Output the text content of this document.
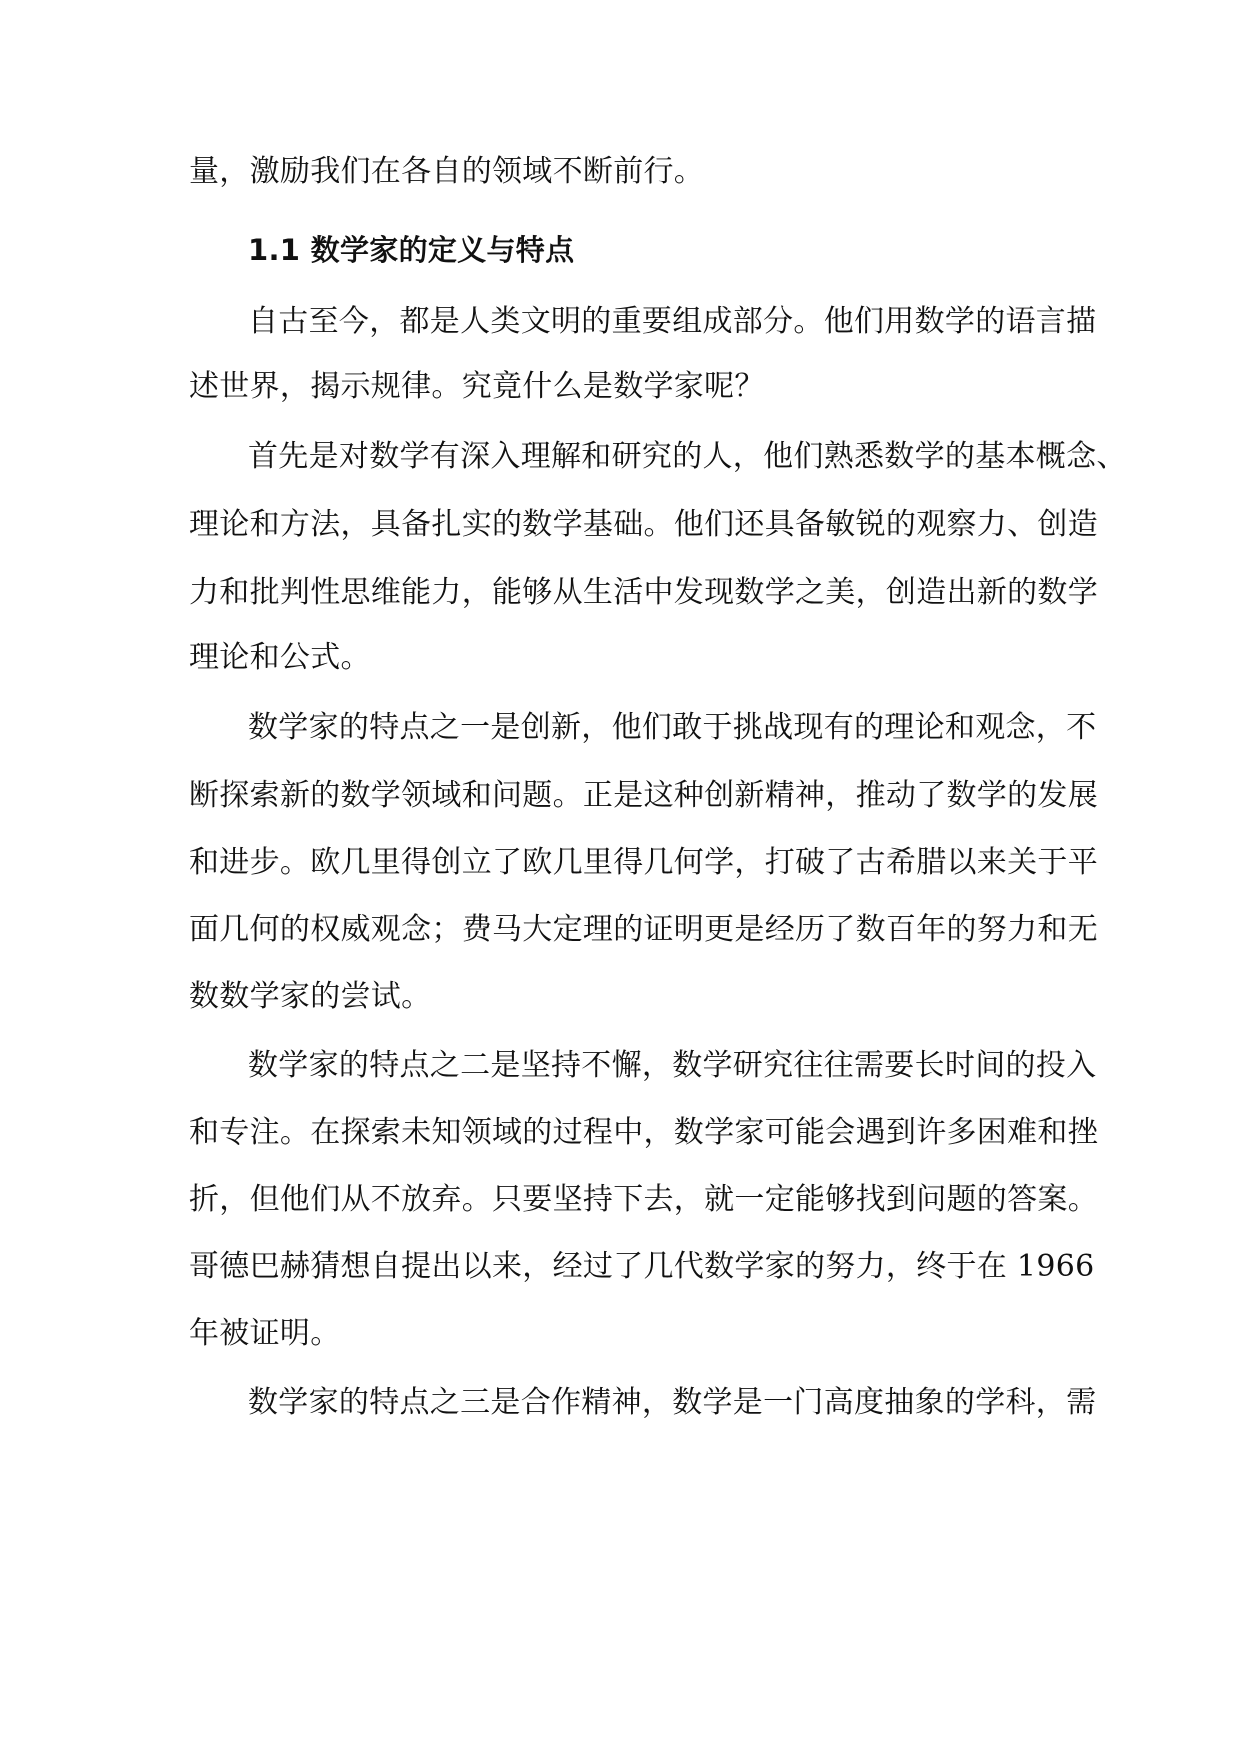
量，激励我们在各自的领域不断前行。
1.1 数学家的定义与特点
自古至今，都是人类文明的重要组成部分。他们用数学的语言描
述世界，揭示规律。究竟什么是数学家呢？
首先是对数学有深入理解和研究的人，他们熟悉数学的基本概念、
理论和方法，具备扎实的数学基础。他们还具备敏锐的观察力、创造
力和批判性思维能力，能够从生活中发现数学之美，创造出新的数学
理论和公式。
数学家的特点之一是创新，他们敢于挑战现有的理论和观念，不
断探索新的数学领域和问题。正是这种创新精神，推动了数学的发展
和进步。欧几里得创立了欧几里得几何学，打破了古希腊以来关于平
面几何的权威观念；费马大定理的证明更是经历了数百年的努力和无
数数学家的尝试。
数学家的特点之二是坚持不懈，数学研究往往需要长时间的投入
和专注。在探索未知领域的过程中，数学家可能会遇到许多困难和挫
折，但他们从不放弃。只要坚持下去，就一定能够找到问题的答案。
哥德巴赫猜想自提出以来，经过了几代数学家的努力，终于在 1966
年被证明。
数学家的特点之三是合作精神，数学是一门高度抽象的学科，需
